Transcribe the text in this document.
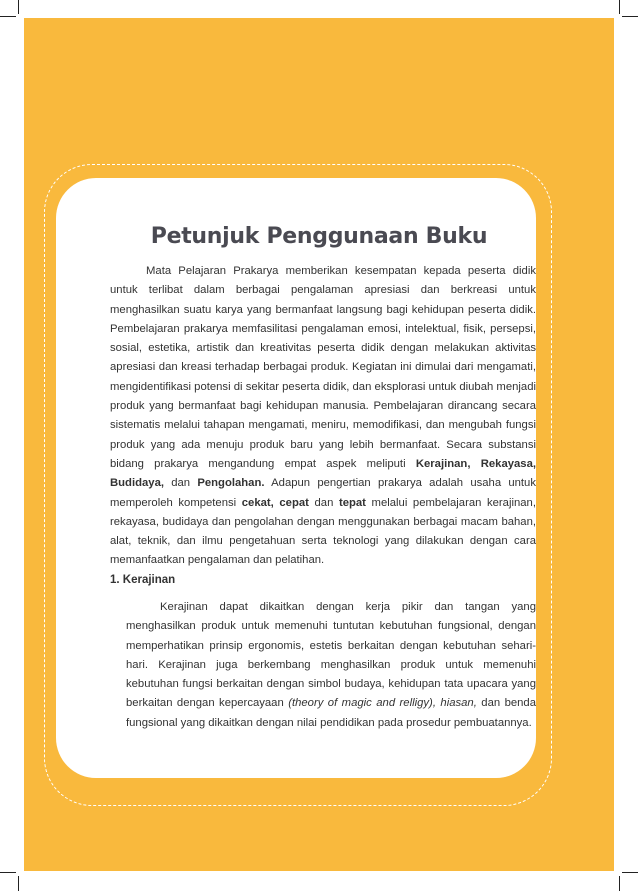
Petunjuk Penggunaan Buku

Mata Pelajaran Prakarya memberikan kesempatan kepada peserta didik untuk terlibat dalam berbagai pengalaman apresiasi dan berkreasi untuk menghasilkan suatu karya yang bermanfaat langsung bagi kehidupan peserta didik. Pembelajaran prakarya memfasilitasi pengalaman emosi, intelektual, fisik, persepsi, sosial, estetika, artistik dan kreativitas peserta didik dengan melakukan aktivitas apresiasi dan kreasi terhadap berbagai produk. Kegiatan ini dimulai dari mengamati, mengidentifikasi potensi di sekitar peserta didik, dan eksplorasi untuk diubah menjadi produk yang bermanfaat bagi kehidupan manusia. Pembelajaran dirancang secara sistematis melalui tahapan mengamati, meniru, memodifikasi, dan mengubah fungsi produk yang ada menuju produk baru yang lebih bermanfaat. Secara substansi bidang prakarya mengandung empat aspek meliputi Kerajinan, Rekayasa, Budidaya, dan Pengolahan. Adapun pengertian prakarya adalah usaha untuk memperoleh kompetensi cekat, cepat dan tepat melalui pembelajaran kerajinan, rekayasa, budidaya dan pengolahan dengan menggunakan berbagai macam bahan, alat, teknik, dan ilmu pengetahuan serta teknologi yang dilakukan dengan cara memanfaatkan pengalaman dan pelatihan.

1. Kerajinan

Kerajinan dapat dikaitkan dengan kerja pikir dan tangan yang menghasilkan produk untuk memenuhi tuntutan kebutuhan fungsional, dengan memperhatikan prinsip ergonomis, estetis berkaitan dengan kebutuhan sehari-hari. Kerajinan juga berkembang menghasilkan produk untuk memenuhi kebutuhan fungsi berkaitan dengan simbol budaya, kehidupan tata upacara yang berkaitan dengan kepercayaan (theory of magic and relligy), hiasan, dan benda fungsional yang dikaitkan dengan nilai pendidikan pada prosedur pembuatannya.
